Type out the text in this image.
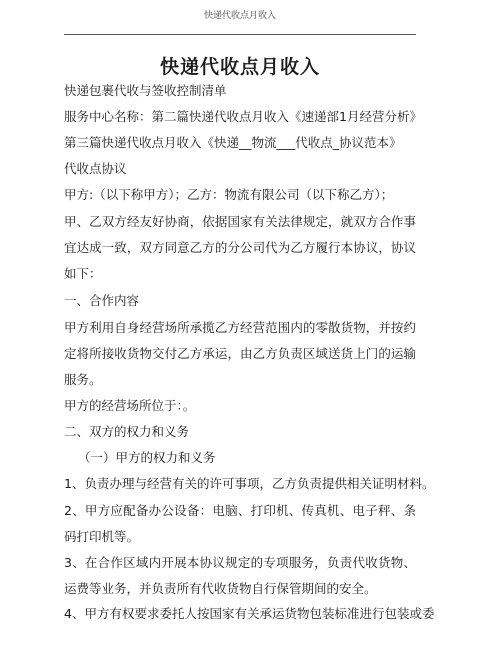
快递代收点月收入
快递代收点月收入
快递包裹代收与签收控制清单
服务中心名称：第二篇快递代收点月收入《速递部1月经营分析》
第三篇快递代收点月收入《快递__物流___代收点_协议范本》
代收点协议
甲方:（以下称甲方）；乙方：物流有限公司（以下称乙方）；
甲、乙双方经友好协商，依据国家有关法律规定，就双方合作事宜达成一致，双方同意乙方的分公司代为乙方履行本协议，协议如下：
一、合作内容
甲方利用自身经营场所承揽乙方经营范围内的零散货物，并按约定将所接收货物交付乙方承运，由乙方负责区域送货上门的运输服务。
甲方的经营场所位于：。
二、双方的权力和义务
（一）甲方的权力和义务
1、负责办理与经营有关的许可事项，乙方负责提供相关证明材料。
2、甲方应配备办公设备：电脑、打印机、传真机、电子秤、条码打印机等。
3、在合作区域内开展本协议规定的专项服务，负责代收货物、运费等业务，并负责所有代收货物自行保管期间的安全。
4、甲方有权要求委托人按国家有关承运货物包装标准进行包装或委
